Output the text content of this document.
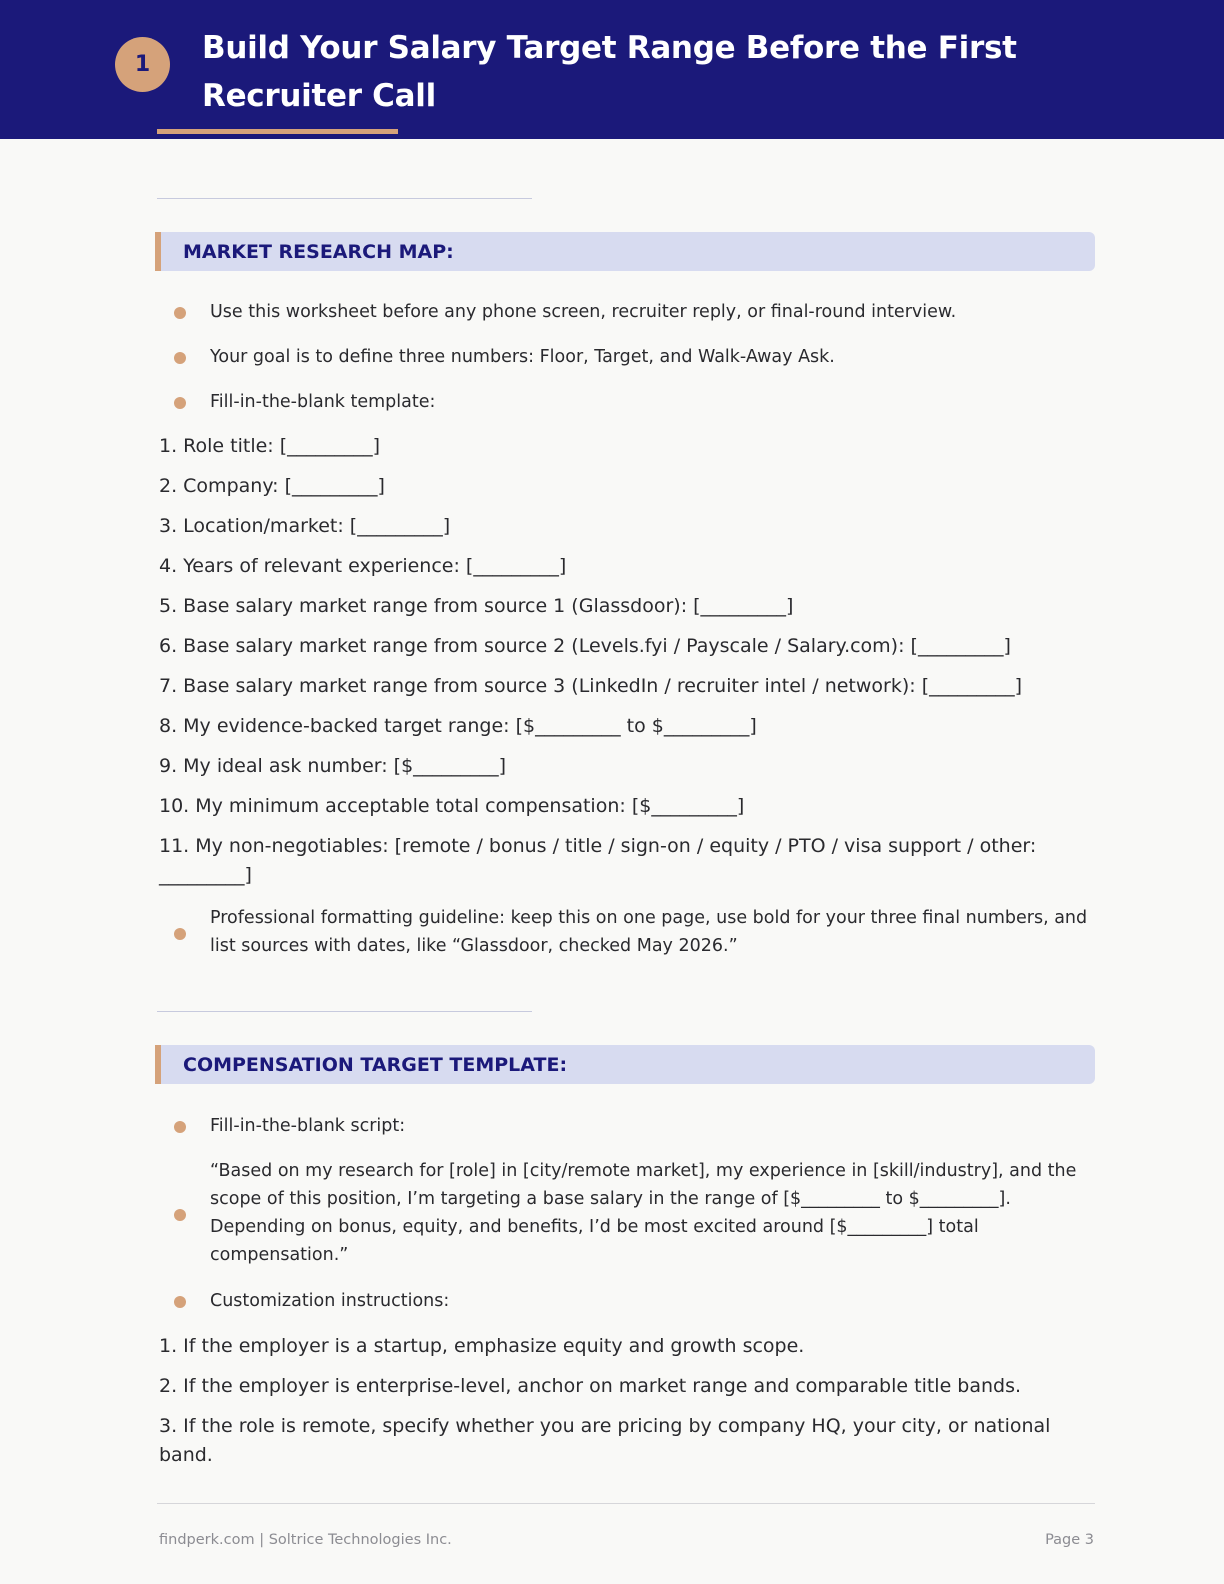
1	Build Your Salary Target Range Before the First Recruiter Call
MARKET RESEARCH MAP:
Use this worksheet before any phone screen, recruiter reply, or final-round interview.
Your goal is to define three numbers: Floor, Target, and Walk-Away Ask.
Fill-in-the-blank template:
1. Role title: [_________]
2. Company: [_________]
3. Location/market: [_________]
4. Years of relevant experience: [_________]
5. Base salary market range from source 1 (Glassdoor): [_________]
6. Base salary market range from source 2 (Levels.fyi / Payscale / Salary.com): [_________]
7. Base salary market range from source 3 (LinkedIn / recruiter intel / network): [_________]
8. My evidence-backed target range: [$_________ to $_________]
9. My ideal ask number: [$_________]
10. My minimum acceptable total compensation: [$_________]
11. My non-negotiables: [remote / bonus / title / sign-on / equity / PTO / visa support / other: _________]
Professional formatting guideline: keep this on one page, use bold for your three final numbers, and list sources with dates, like “Glassdoor, checked May 2026.”
COMPENSATION TARGET TEMPLATE:
Fill-in-the-blank script:
“Based on my research for [role] in [city/remote market], my experience in [skill/industry], and the scope of this position, I’m targeting a base salary in the range of [$_________ to $_________]. Depending on bonus, equity, and benefits, I’d be most excited around [$_________] total compensation.”
Customization instructions:
1. If the employer is a startup, emphasize equity and growth scope.
2. If the employer is enterprise-level, anchor on market range and comparable title bands.
3. If the role is remote, specify whether you are pricing by company HQ, your city, or national band.
findperk.com | Soltrice Technologies Inc.	Page 3
